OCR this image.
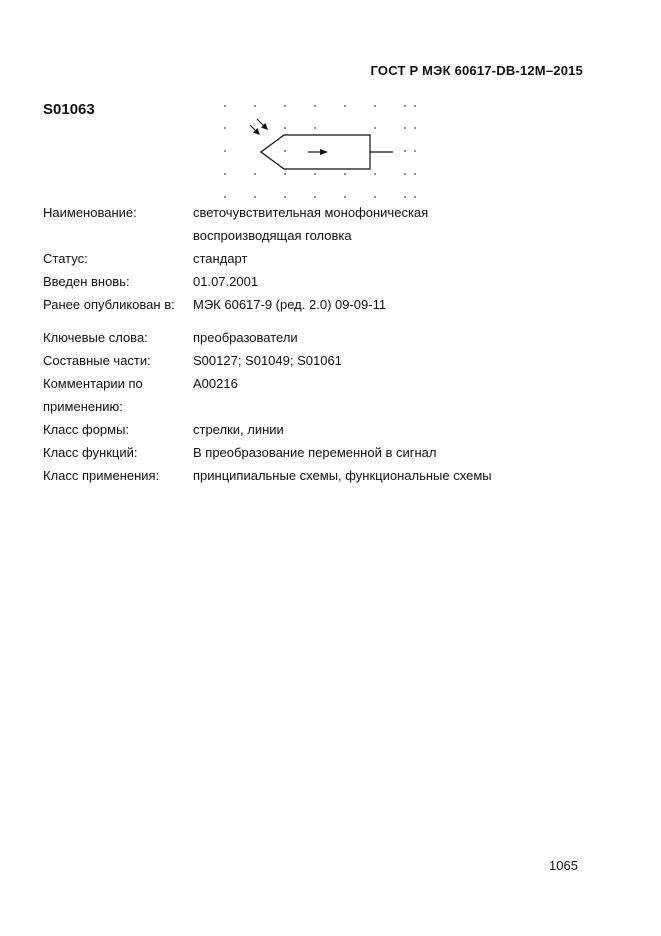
ГОСТ Р МЭК 60617-DB-12M–2015
S01063
Наименование:	светочувствительная монофоническая
воспроизводящая головка
Статус:	стандарт
Введен вновь:	01.07.2001
Ранее опубликован в:	МЭК 60617-9 (ред. 2.0) 09-09-11
Ключевые слова:	преобразователи
Составные части:	S00127; S01049; S01061
Комментарии по	A00216
применению:
Класс формы:	стрелки, линии
Класс функций:	В преобразование переменной в сигнал
Класс применения:	принципиальные схемы, функциональные схемы
1065
